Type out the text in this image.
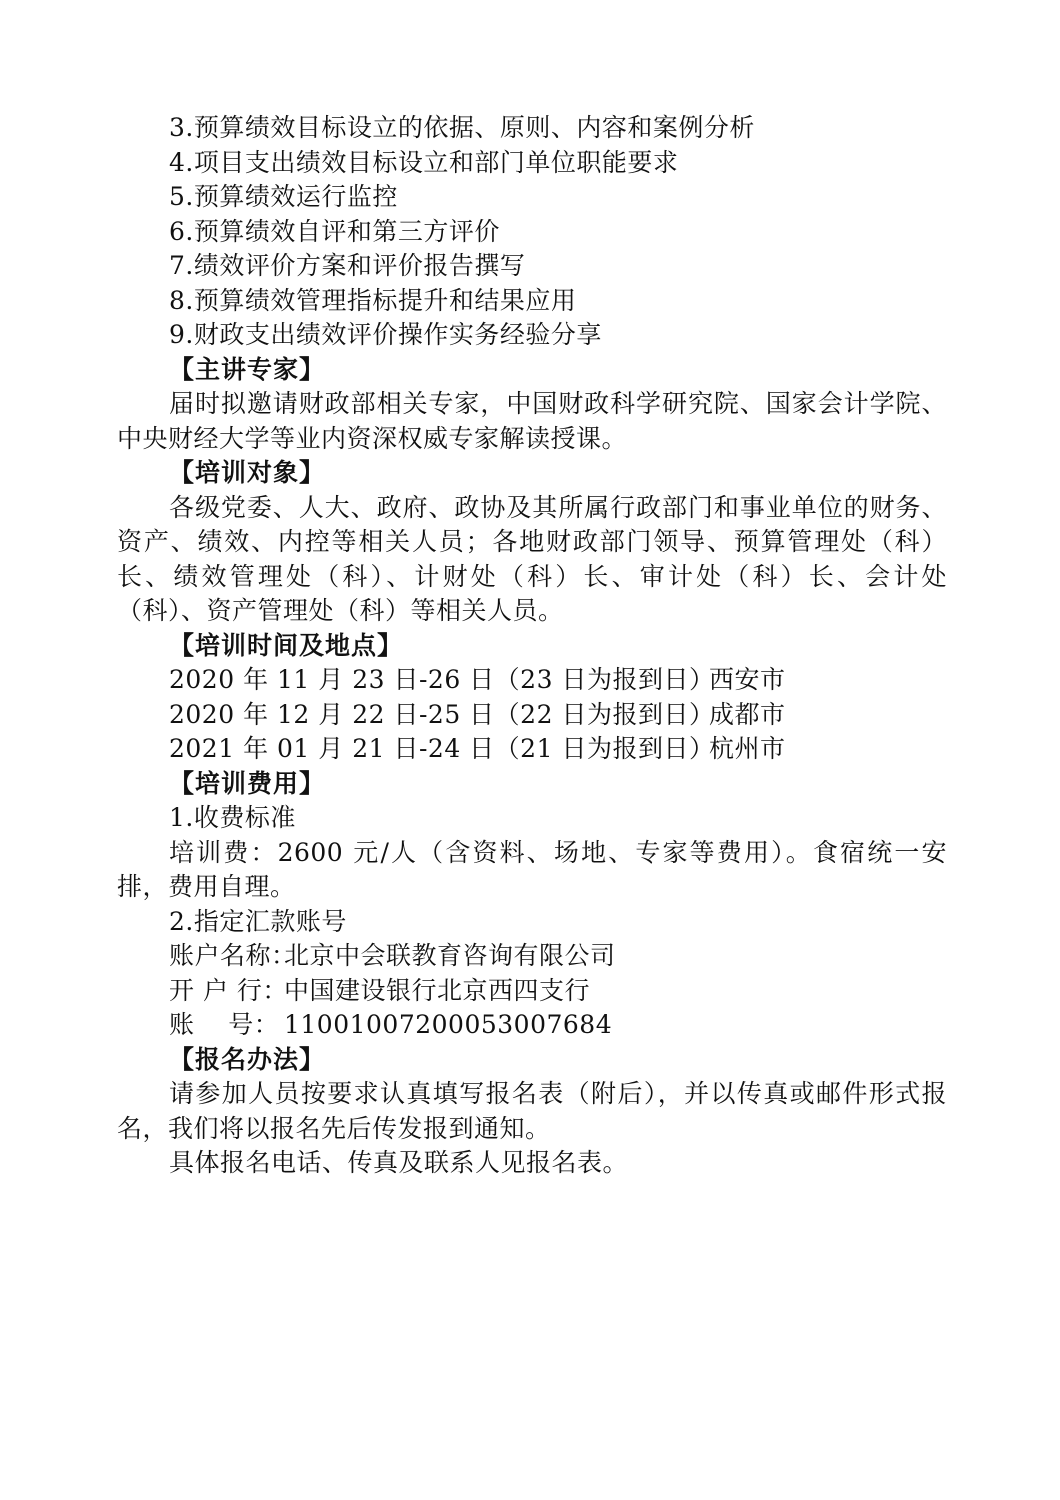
3.预算绩效目标设立的依据、原则、内容和案例分析
4.项目支出绩效目标设立和部门单位职能要求
5.预算绩效运行监控
6.预算绩效自评和第三方评价
7.绩效评价方案和评价报告撰写
8.预算绩效管理指标提升和结果应用
9.财政支出绩效评价操作实务经验分享
【主讲专家】
届时拟邀请财政部相关专家，中国财政科学研究院、国家会计学院、中央财经大学等业内资深权威专家解读授课。
【培训对象】
各级党委、人大、政府、政协及其所属行政部门和事业单位的财务、资产、绩效、内控等相关人员；各地财政部门领导、预算管理处（科）长、绩效管理处（科）、计财处（科）长、审计处（科）长、会计处（科）、资产管理处（科）等相关人员。
【培训时间及地点】
2020 年 11 月 23 日-26 日（23 日为报到日）
西安市
2020 年 12 月 22 日-25 日（22 日为报到日）
成都市
2021 年 01 月 21 日-24 日（21 日为报到日）
杭州市
【培训费用】
1.收费标准
培训费：2600 元/人（含资料、场地、专家等费用）。食宿统一安排，费用自理。
2.指定汇款账号
账户名称：
北京中会联教育咨询有限公司
开 户 行：
中国建设银行北京西四支行
账    号： 11001007200053007684
【报名办法】
请参加人员按要求认真填写报名表（附后），并以传真或邮件形式报名，我们将以报名先后传发报到通知。
具体报名电话、传真及联系人见报名表。
